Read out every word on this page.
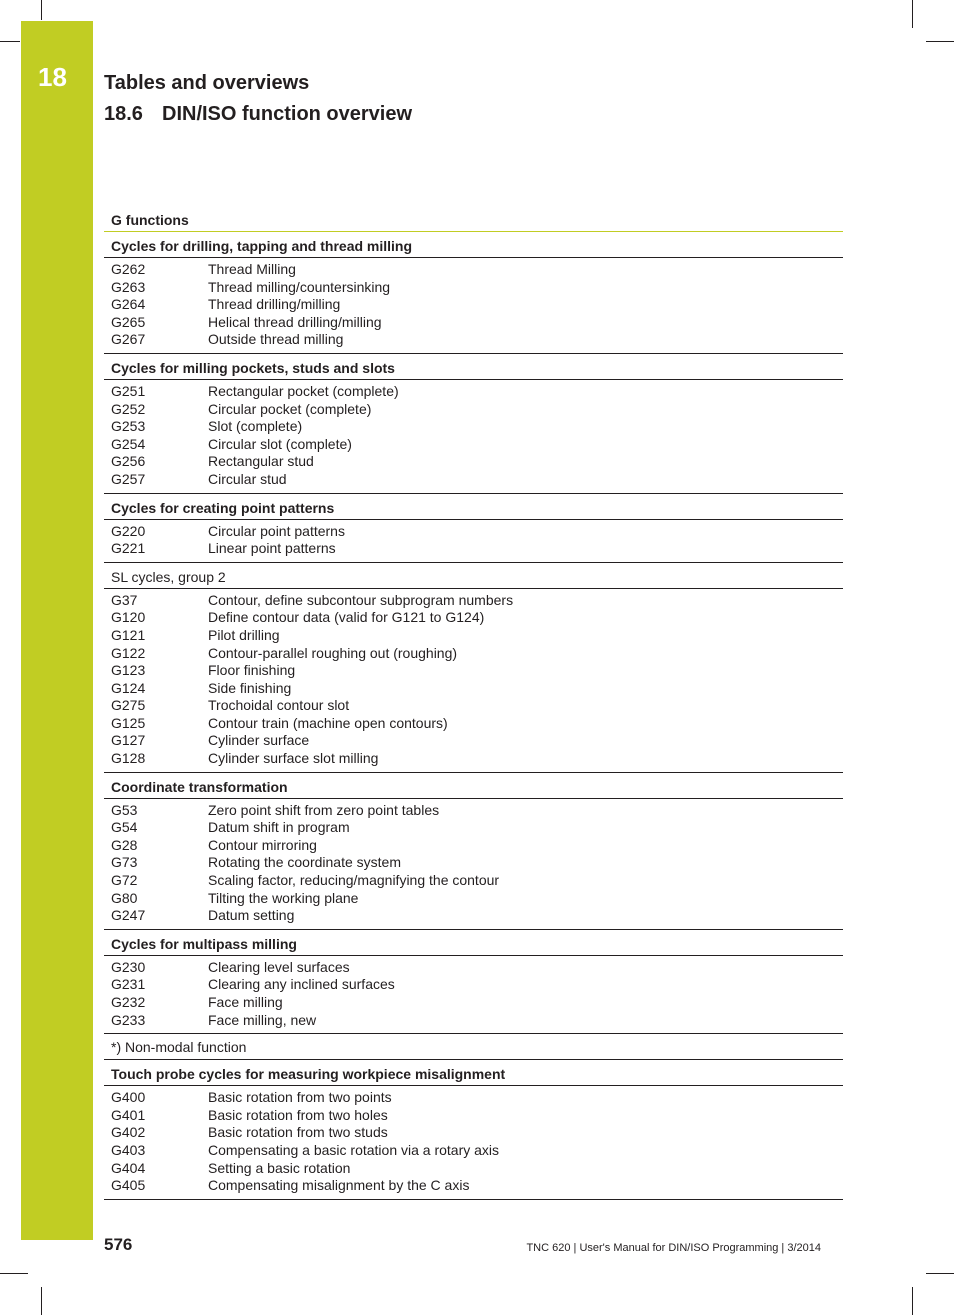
18 Tables and overviews
18.6 DIN/ISO function overview
G functions
Cycles for drilling, tapping and thread milling
G262	Thread Milling
G263	Thread milling/countersinking
G264	Thread drilling/milling
G265	Helical thread drilling/milling
G267	Outside thread milling
Cycles for milling pockets, studs and slots
G251	Rectangular pocket (complete)
G252	Circular pocket (complete)
G253	Slot (complete)
G254	Circular slot (complete)
G256	Rectangular stud
G257	Circular stud
Cycles for creating point patterns
G220	Circular point patterns
G221	Linear point patterns
SL cycles, group 2
G37	Contour, define subcontour subprogram numbers
G120	Define contour data (valid for G121 to G124)
G121	Pilot drilling
G122	Contour-parallel roughing out (roughing)
G123	Floor finishing
G124	Side finishing
G275	Trochoidal contour slot
G125	Contour train (machine open contours)
G127	Cylinder surface
G128	Cylinder surface slot milling
Coordinate transformation
G53	Zero point shift from zero point tables
G54	Datum shift in program
G28	Contour mirroring
G73	Rotating the coordinate system
G72	Scaling factor, reducing/magnifying the contour
G80	Tilting the working plane
G247	Datum setting
Cycles for multipass milling
G230	Clearing level surfaces
G231	Clearing any inclined surfaces
G232	Face milling
G233	Face milling, new
*) Non-modal function
Touch probe cycles for measuring workpiece misalignment
G400	Basic rotation from two points
G401	Basic rotation from two holes
G402	Basic rotation from two studs
G403	Compensating a basic rotation via a rotary axis
G404	Setting a basic rotation
G405	Compensating misalignment by the C axis
576	TNC 620 | User's Manual for DIN/ISO Programming | 3/2014
